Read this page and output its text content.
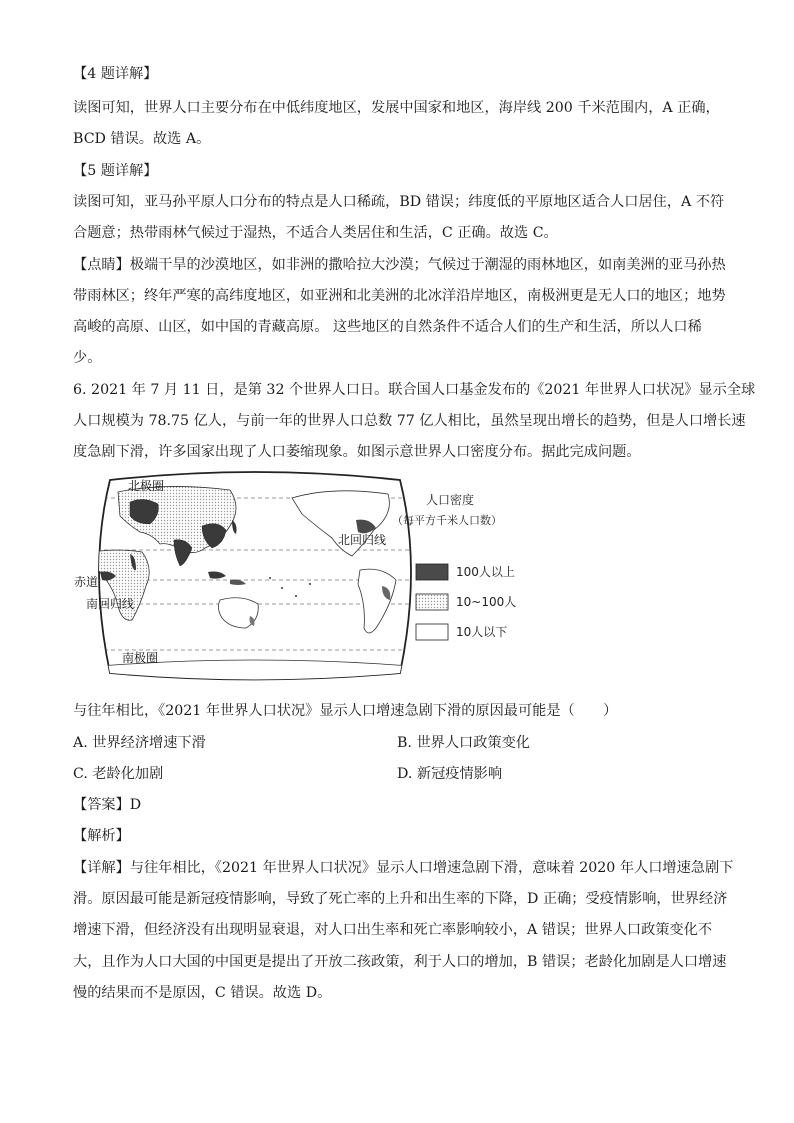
【4 题详解】
读图可知，世界人口主要分布在中低纬度地区，发展中国家和地区，海岸线 200 千米范围内，A 正确，
BCD 错误。故选 A。
【5 题详解】
读图可知，亚马孙平原人口分布的特点是人口稀疏，BD 错误；纬度低的平原地区适合人口居住，A 不符
合题意；热带雨林气候过于湿热，不适合人类居住和生活，C 正确。故选 C。
【点睛】极端干旱的沙漠地区，如非洲的撒哈拉大沙漠；气候过于潮湿的雨林地区，如南美洲的亚马孙热
带雨林区；终年严寒的高纬度地区，如亚洲和北美洲的北冰洋沿岸地区，南极洲更是无人口的地区；地势
高峻的高原、山区，如中国的青藏高原。 这些地区的自然条件不适合人们的生产和生活，所以人口稀
少。
6. 2021 年 7 月 11 日，是第 32 个世界人口日。联合国人口基金发布的《2021 年世界人口状况》显示全球
人口规模为 78.75 亿人，与前一年的世界人口总数 77 亿人相比，虽然呈现出增长的趋势，但是人口增长速
度急剧下滑，许多国家出现了人口萎缩现象。如图示意世界人口密度分布。据此完成问题。
北极圈
北回归线
赤道
南回归线
南极圈
人口密度
（每平方千米人口数）
100人以上
10~100人
10人以下
与往年相比，《2021 年世界人口状况》显示人口增速急剧下滑的原因最可能是（　　）
A. 世界经济增速下滑	B. 世界人口政策变化
C. 老龄化加剧	D. 新冠疫情影响
【答案】D
【解析】
【详解】与往年相比，《2021 年世界人口状况》显示人口增速急剧下滑，意味着 2020 年人口增速急剧下
滑。原因最可能是新冠疫情影响，导致了死亡率的上升和出生率的下降，D 正确；受疫情影响，世界经济
增速下滑，但经济没有出现明显衰退，对人口出生率和死亡率影响较小，A 错误；世界人口政策变化不
大，且作为人口大国的中国更是提出了开放二孩政策，利于人口的增加，B 错误；老龄化加剧是人口增速
慢的结果而不是原因，C 错误。故选 D。
